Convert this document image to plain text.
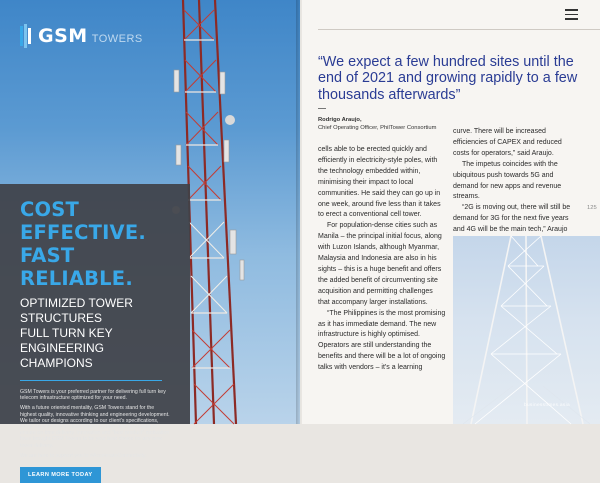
GSM TOWERS
COST EFFECTIVE.
FAST RELIABLE.
OPTIMIZED TOWER STRUCTURES
FULL TURN KEY
ENGINEERING CHAMPIONS

GSM Towers is your preferred partner for delivering full turn key telecom infrastructure optimized for your need.

With a future oriented mentality, GSM Towers stand for the highest quality, innovative thinking and engineering development. We tailor our designs according to our client's specifications, follow up with best in class control system and processes to ensure on-time delivery. Innovation and "best product" motivation have brought GSM Towers to be your best choice for any new tower delivery.

We are here to support you to #AccelerateConnectivity.

LEARN MORE TODAY
“We expect a few hundred sites until the end of 2021 and growing rapidly to a few thousands afterwards”
Rodrigo Araujo,
Chief Operating Officer, PhilTower Consortium

cells able to be erected quickly and efficiently in electricity-style poles, with the technology embedded within, minimising their impact to local communities. He said they can go up in one week, around five less than it takes to erect a conventional cell tower.

For population-dense cities such as Manila – the principal initial focus, along with Luzon Islands, although Myanmar, Malaysia and Indonesia are also in his sights – this is a huge benefit and offers the added benefit of circumventing site acquisition and permitting challenges that accompany larger installations.

“The Philippines is the most promising as it has immediate demand. The new infrastructure is highly optimised. Operators are still understanding the benefits and there will be a lot of ongoing talks with vendors – it's a learning

curve. There will be increased efficiencies of CAPEX and reduced costs for operators,” said Araujo.

The impetus coincides with the ubiquitous push towards 5G and demand for new apps and revenue streams.

“2G is moving out, there will still be demand for 3G for the next five years and 4G will be the main tech,” Araujo

125
businesstimes.asia
